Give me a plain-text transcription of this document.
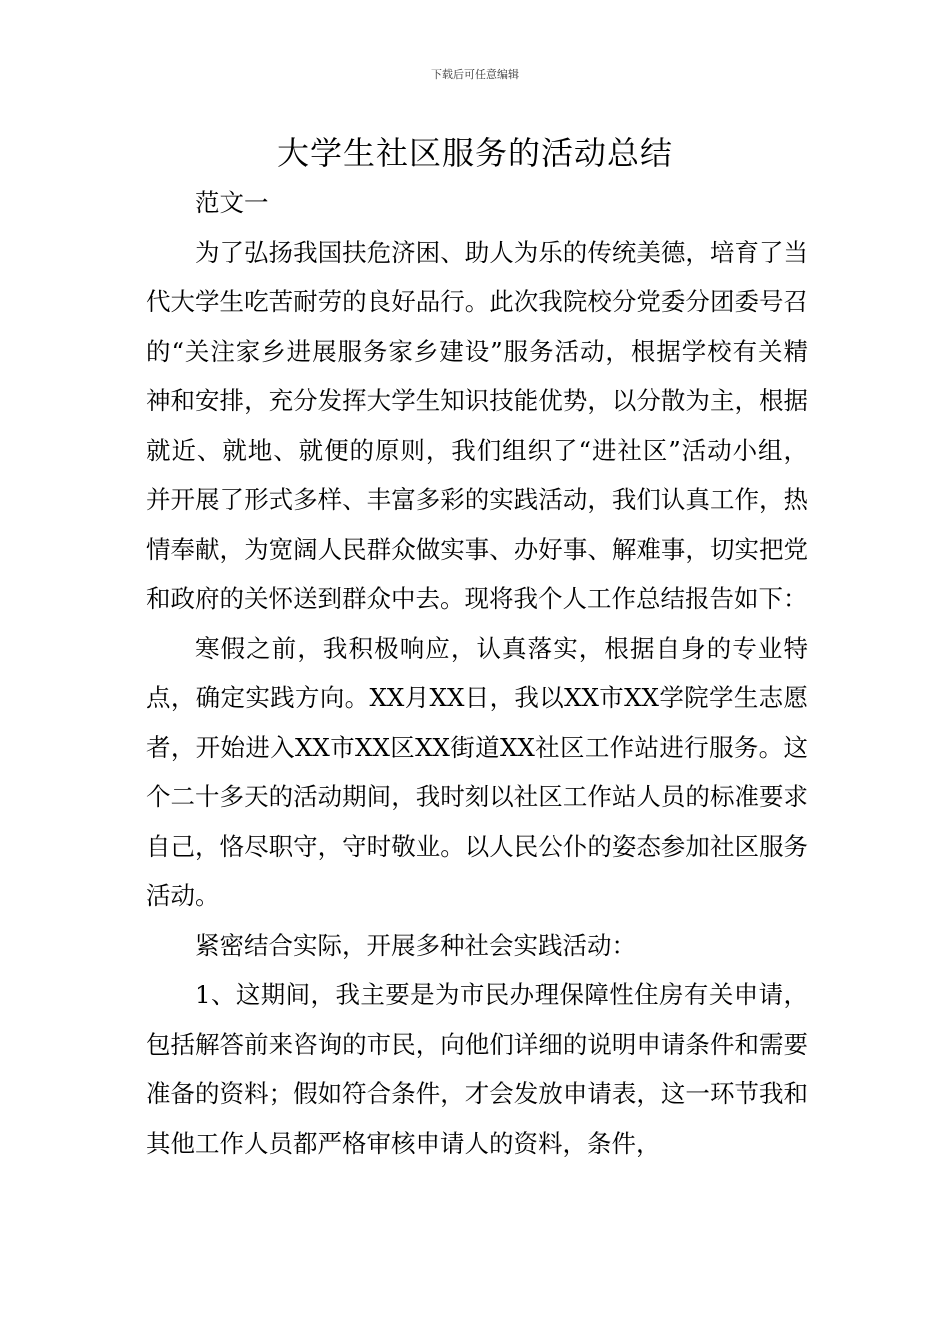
下载后可任意编辑
大学生社区服务的活动总结

范文一

为了弘扬我国扶危济困、助人为乐的传统美德，培育了当代大学生吃苦耐劳的良好品行。此次我院校分党委分团委号召的“关注家乡进展服务家乡建设”服务活动，根据学校有关精神和安排，充分发挥大学生知识技能优势，以分散为主，根据就近、就地、就便的原则，我们组织了“进社区”活动小组，并开展了形式多样、丰富多彩的实践活动，我们认真工作，热情奉献，为宽阔人民群众做实事、办好事、解难事，切实把党和政府的关怀送到群众中去。现将我个人工作总结报告如下：

寒假之前，我积极响应，认真落实，根据自身的专业特点，确定实践方向。XX月XX日，我以XX市XX学院学生志愿者，开始进入XX市XX区XX街道XX社区工作站进行服务。这个二十多天的活动期间，我时刻以社区工作站人员的标准要求自己，恪尽职守，守时敬业。以人民公仆的姿态参加社区服务活动。

紧密结合实际，开展多种社会实践活动：

1、这期间，我主要是为市民办理保障性住房有关申请，包括解答前来咨询的市民，向他们详细的说明申请条件和需要准备的资料；假如符合条件，才会发放申请表，这一环节我和其他工作人员都严格审核申请人的资料，条件，
